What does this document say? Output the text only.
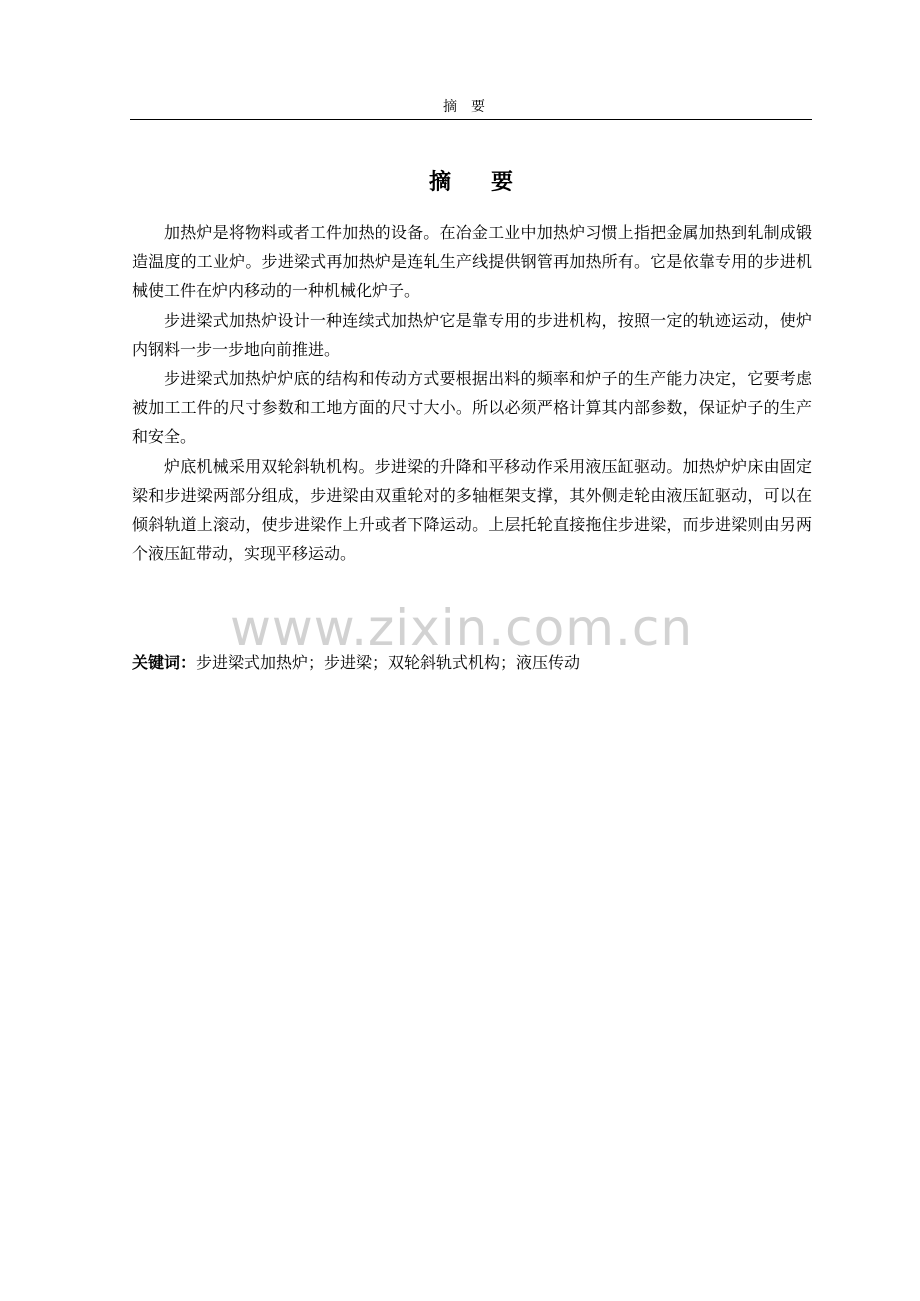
摘要
摘要

加热炉是将物料或者工件加热的设备。在冶金工业中加热炉习惯上指把金属加热到轧制成锻造温度的工业炉。步进梁式再加热炉是连轧生产线提供钢管再加热所有。它是依靠专用的步进机械使工件在炉内移动的一种机械化炉子。

步进梁式加热炉设计一种连续式加热炉它是靠专用的步进机构，按照一定的轨迹运动，使炉内钢料一步一步地向前推进。

步进梁式加热炉炉底的结构和传动方式要根据出料的频率和炉子的生产能力决定，它要考虑被加工工件的尺寸参数和工地方面的尺寸大小。所以必须严格计算其内部参数，保证炉子的生产和安全。

炉底机械采用双轮斜轨机构。步进梁的升降和平移动作采用液压缸驱动。加热炉炉床由固定梁和步进梁两部分组成，步进梁由双重轮对的多轴框架支撑，其外侧走轮由液压缸驱动，可以在倾斜轨道上滚动，使步进梁作上升或者下降运动。上层托轮直接拖住步进梁，而步进梁则由另两个液压缸带动，实现平移运动。

www.zixin.com.cn
关键词：步进梁式加热炉；步进梁；双轮斜轨式机构；液压传动
